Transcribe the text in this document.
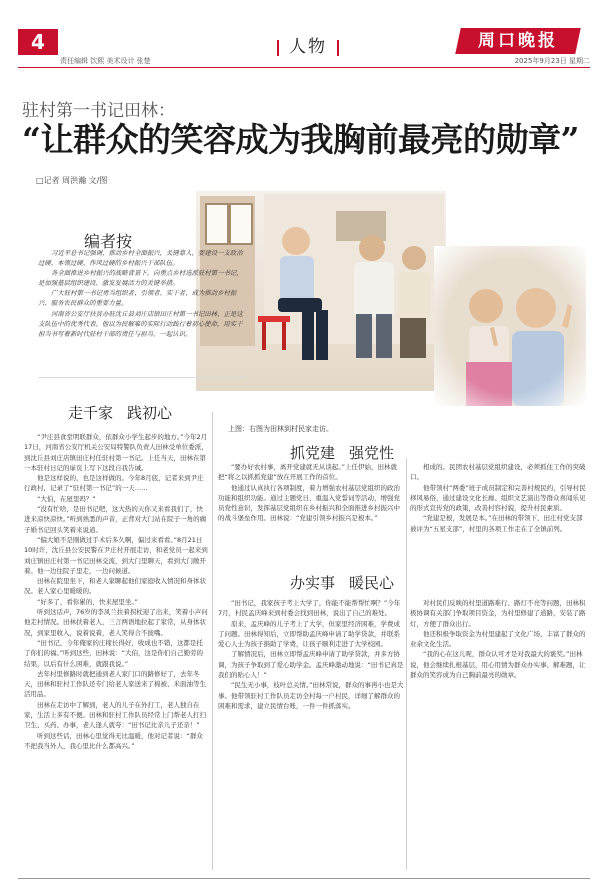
4	人物	周口晚报
责任编辑 饮熙 美术设计 张楚	2025年9月23日 星期二
驻村第一书记田林：
“让群众的笑容成为我胸前最亮的勋章”
□记者 周洪瀚 文/图
编者按

习近平总书记强调，推动乡村全面振兴，关键靠人，要建设一支政治过硬、本领过硬、作风过硬的乡村振兴干部队伍。

各全面推进乡村振兴的战略背景下，向重点乡村选派驻村第一书记，是加强基层组织建设、激发发展活力的关键举措。

广大驻村第一书记勇当组织者、引领者、实干者，成为推动乡村振兴、服务农民群众的重要力量。

河南省公安厅扶贫办驻沈丘县刘庄店镇田庄村第一书记田林，正是这支队伍中的优秀代表。他以为民解难的实际行动践行着初心使命，用实干担当书写着新时代驻村干部的责任与担当。一起认识。

走千家 践初心

“尹庄县食堂明联群众，依群众小学生起步的地方。”今年2月17日，河南省公安厅机关公安局特警队负责人田林受单位委派，到沈丘县刘庄店镇田庄村任驻村第一书记。上任当天，田林在第一本驻村日记的扉页上写下这段自我告诫。

他是这样说的，也是这样做的。今年8月底，记者来到尹庄行政村，记录了“驻村第一书记”的一天……

“大伯，在屋里吗？”

“没有忙啥，是田书记吧，这大热的天你又来看我们了，快进来凉快凉快。”听到熟悉的声音，正背对大门站在院子一角的瘸子婚书记回头笑着来说道。

“偏大娘不是刚做过手术后多久啊，偏过来看看。”8月21日10时许，沈丘县公安民警在尹庄村开展走访，和老党员一起来到刘庄镇田庄村第一书记田林交流，到大门里聊天，看到大门敞开着。他一边往院子里走，一边问候道。

田林在院里坐下，和老人家聊起他们家庭收入情况和身体状况。老人家心里暖暖的。

“好多了，看你累的，快来屋里坐。”

听到这话声，76岁的李凤兰拄着拐杖迎了出来，笑着小声问他走村情况。田林扶着老人，三言两语地拉起了家常，从身体状况，到家里收入，说着说着，老人笑得合不拢嘴。

“田书记，今年俺家的庄稼长得好，收成也不错，这都是托了你们的福。”听到这些，田林说：“大伯，这是你们自己勤劳的结果，以后有什么困难，就跟我说。”

去年村里修路时就把通到老人家门口的路修好了，去年冬天，田林和驻村工作队还专门给老人家送来了棉被、米面油等生活用品。

田林在走访中了解到，老人的儿子在外打工，老人独自在家，生活上多有不便。田林和驻村工作队员经常上门帮老人打扫卫生、买药、办事，老人逢人就夸：“田书记比亲儿子还亲！”

听到这些话，田林心里觉得无比温暖，他对记者说：“群众不把我当外人，我心里比什么都高兴。”

上图：右图为田林到村民家走访。
抓党建 强党性

“要办好农村事，离开党建就无从谈起。”上任伊始，田林就把“将之以抓抓党建”放在开展工作的首位。

他通过认真执行各项制度，着力增强农村基层党组织的政治功能和组织功能。通过主题党日、重温入党誓词等活动，增强党员党性意识，发挥基层党组织在乡村振兴和全面推进乡村振兴中的战斗堡垒作用。田林说：“党建引领乡村振兴是根本。”

相成的。民团农村基层党组织建设，必须抓住工作的突破口。

他带领村“两委”班子成员制定和完善村规民约，引导村民移风易俗，通过建设文化长廊、组织文艺演出等群众喜闻乐见的形式宣传党的政策，改善村容村貌，提升村民素质。

“党建是根，发展是本。”在田林的带领下，田庄村党支部被评为“五星支部”，村里的各项工作走在了全镇前列。

办实事 暖民心

“田书记，我家孩子考上大学了，你能不能帮帮忙啊？”今年7月，村民孟庆峰来到村委会找到田林，说出了自己的难处。

原来，孟庆峰的儿子考上了大学，但家里经济困难，学费成了问题。田林得知后，立即帮助孟庆峰申请了助学贷款，并联系爱心人士为孩子捐助了学费，让孩子顺利走进了大学校园。

了解情况后，田林立即帮孟庆峰申请了助学贷款，并多方协调，为孩子争取到了爱心助学金。孟庆峰激动地说：“田书记真是我们的贴心人！”

“民生无小事，枝叶总关情。”田林常说，群众的事再小也是大事。他带领驻村工作队员走访全村每一户村民，详细了解群众的困难和需求，建立民情台账，一件一件抓落实。

对村民们反映的村里道路难行、路灯不亮等问题，田林积极协调有关部门争取项目资金，为村里修建了道路，安装了路灯，方便了群众出行。

他还积极争取资金为村里建起了文化广场，丰富了群众的业余文化生活。

“我的心在这儿呢，群众认可才是对我最大的褒奖。”田林说，他会继续扎根基层，用心用情为群众办实事、解难题，让群众的笑容成为自己胸前最亮的勋章。
